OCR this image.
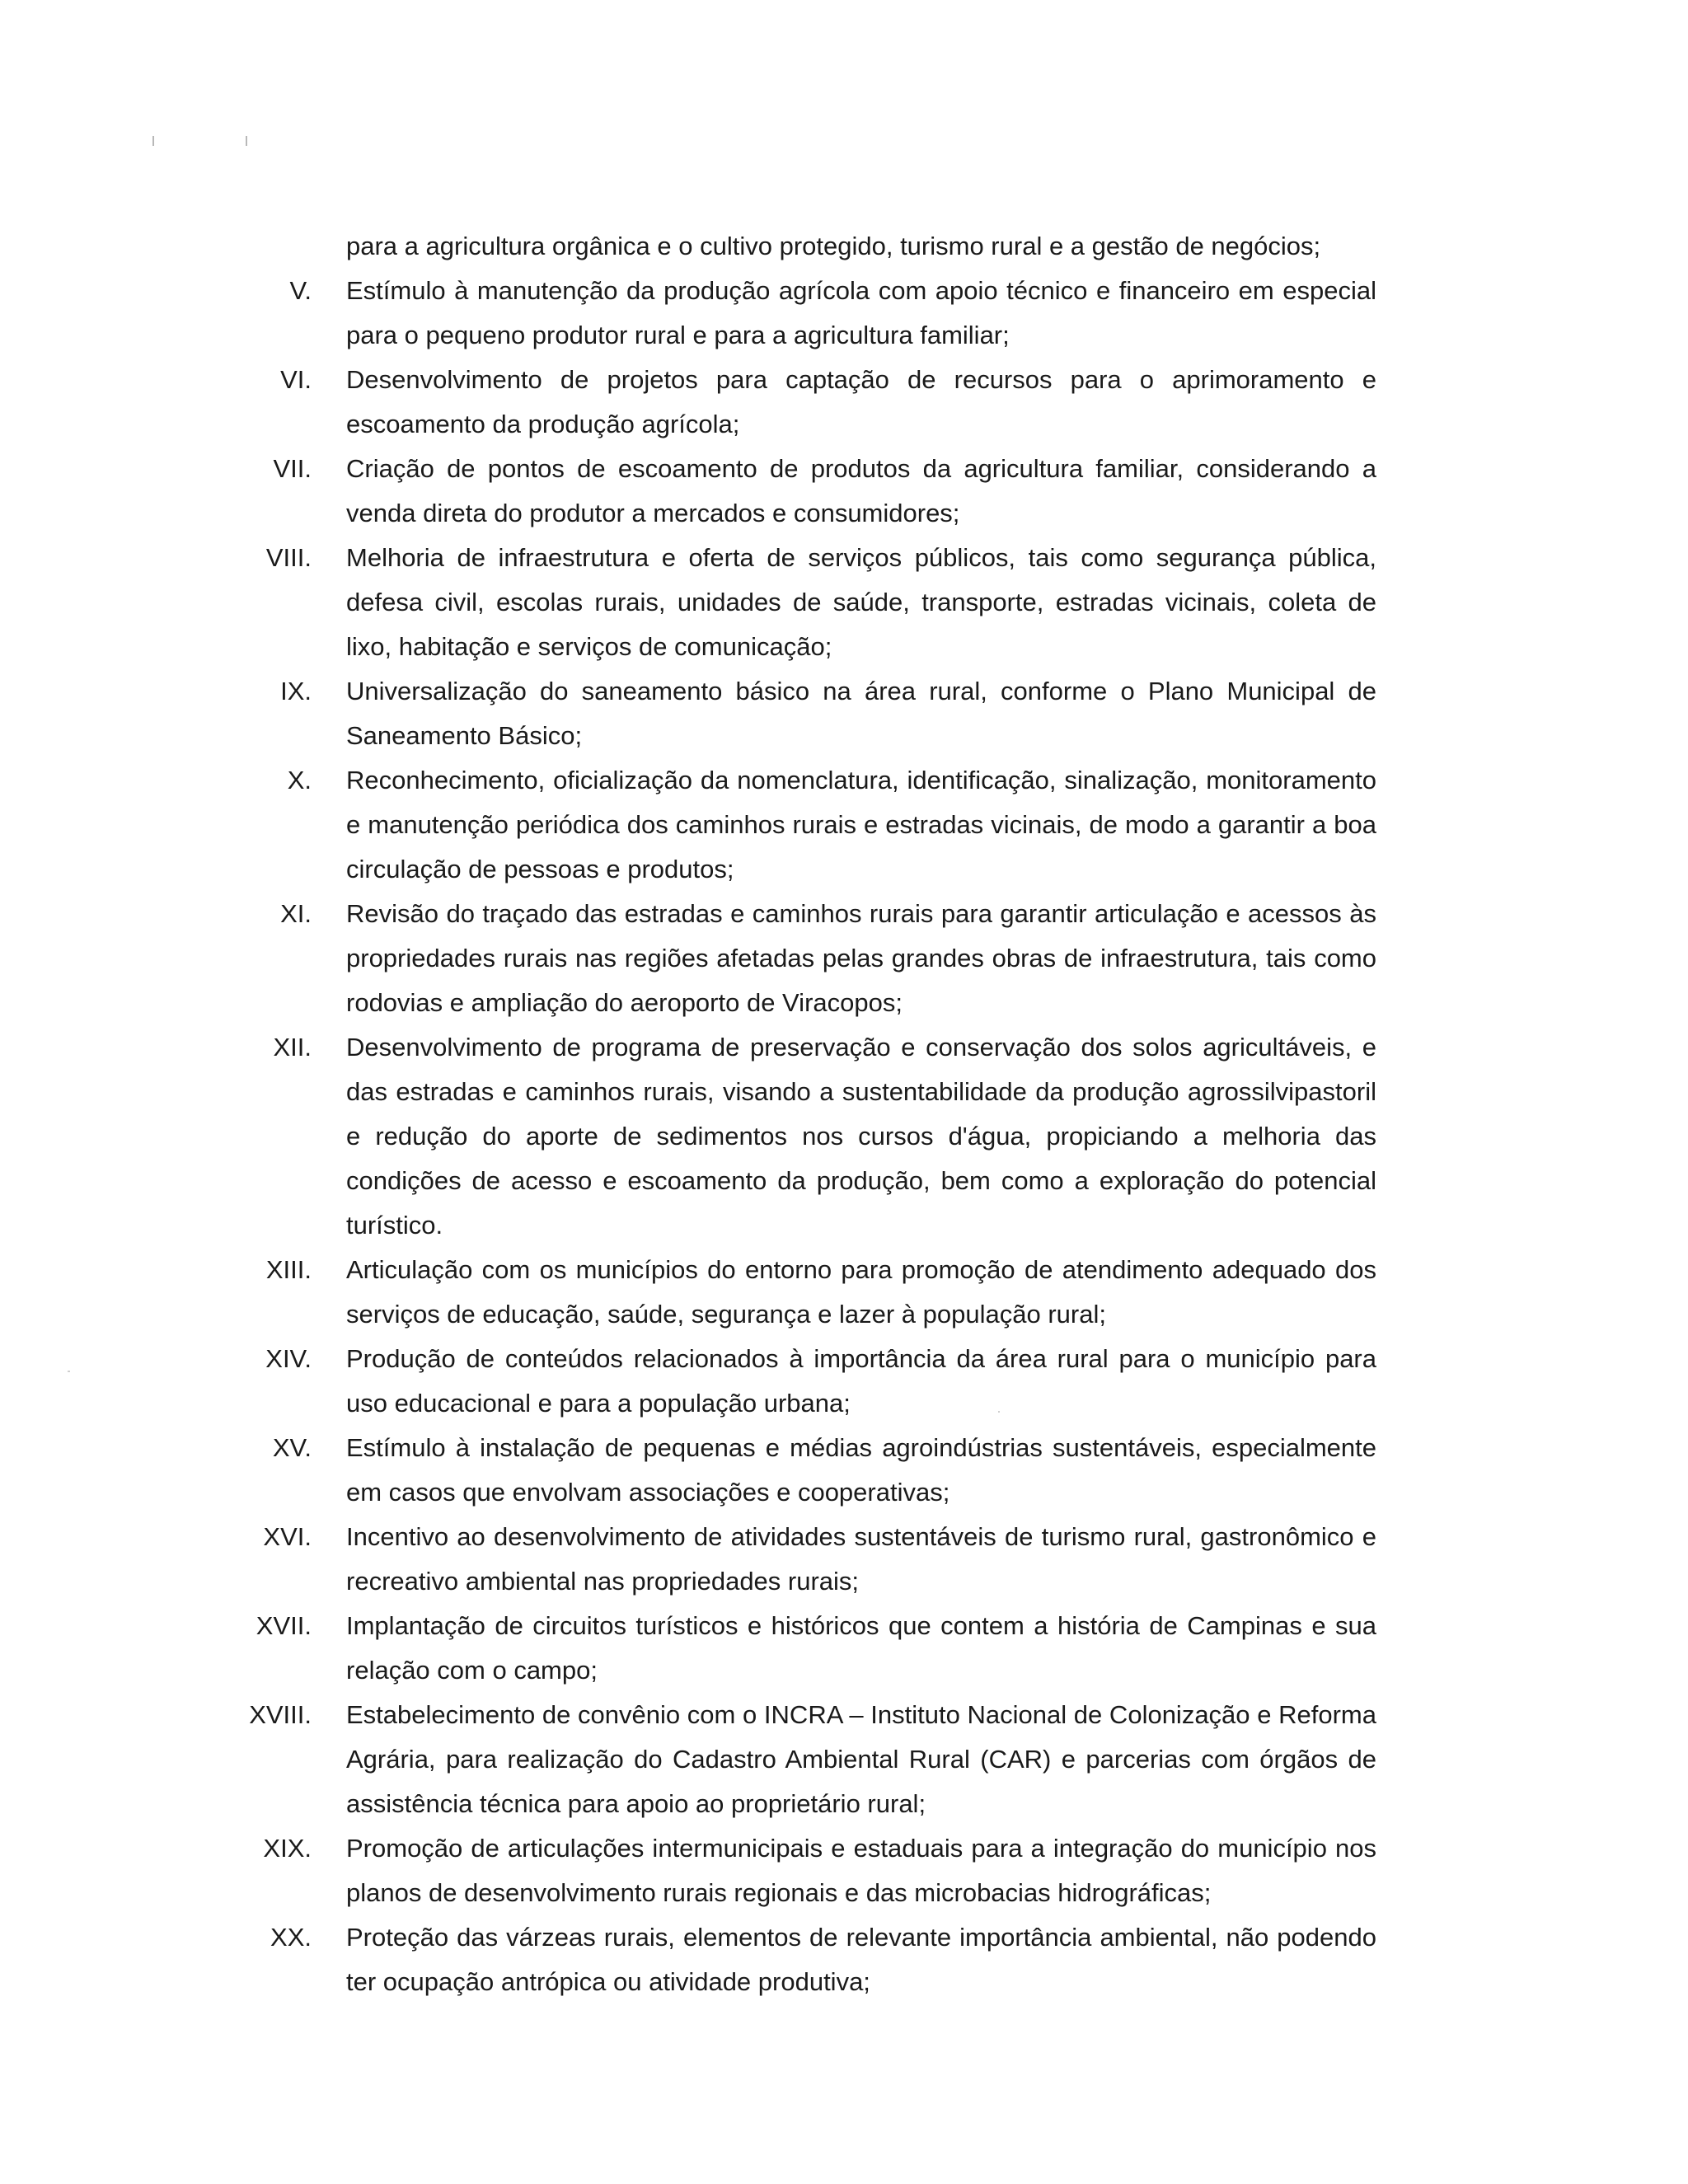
para a agricultura orgânica e o cultivo protegido, turismo rural e a gestão de negócios;

V.	Estímulo à manutenção da produção agrícola com apoio técnico e financeiro em especial para o pequeno produtor rural e para a agricultura familiar;
VI.	Desenvolvimento de projetos para captação de recursos para o aprimoramento e escoamento da produção agrícola;
VII.	Criação de pontos de escoamento de produtos da agricultura familiar, considerando a venda direta do produtor a mercados e consumidores;
VIII.	Melhoria de infraestrutura e oferta de serviços públicos, tais como segurança pública, defesa civil, escolas rurais, unidades de saúde, transporte, estradas vicinais, coleta de lixo, habitação e serviços de comunicação;
IX.	Universalização do saneamento básico na área rural, conforme o Plano Municipal de Saneamento Básico;
X.	Reconhecimento, oficialização da nomenclatura, identificação, sinalização, monitoramento e manutenção periódica dos caminhos rurais e estradas vicinais, de modo a garantir a boa circulação de pessoas e produtos;
XI.	Revisão do traçado das estradas e caminhos rurais para garantir articulação e acessos às propriedades rurais nas regiões afetadas pelas grandes obras de infraestrutura, tais como rodovias e ampliação do aeroporto de Viracopos;
XII.	Desenvolvimento de programa de preservação e conservação dos solos agricultáveis, e das estradas e caminhos rurais, visando a sustentabilidade da produção agrossilvipastoril e redução do aporte de sedimentos nos cursos d'água, propiciando a melhoria das condições de acesso e escoamento da produção, bem como a exploração do potencial turístico.
XIII.	Articulação com os municípios do entorno para promoção de atendimento adequado dos serviços de educação, saúde, segurança e lazer à população rural;
XIV.	Produção de conteúdos relacionados à importância da área rural para o município para uso educacional e para a população urbana;
XV.	Estímulo à instalação de pequenas e médias agroindústrias sustentáveis, especialmente em casos que envolvam associações e cooperativas;
XVI.	Incentivo ao desenvolvimento de atividades sustentáveis de turismo rural, gastronômico e recreativo ambiental nas propriedades rurais;
XVII.	Implantação de circuitos turísticos e históricos que contem a história de Campinas e sua relação com o campo;
XVIII.	Estabelecimento de convênio com o INCRA – Instituto Nacional de Colonização e Reforma Agrária, para realização do Cadastro Ambiental Rural (CAR) e parcerias com órgãos de assistência técnica para apoio ao proprietário rural;
XIX.	Promoção de articulações intermunicipais e estaduais para a integração do município nos planos de desenvolvimento rurais regionais e das microbacias hidrográficas;
XX.	Proteção das várzeas rurais, elementos de relevante importância ambiental, não podendo ter ocupação antrópica ou atividade produtiva;
